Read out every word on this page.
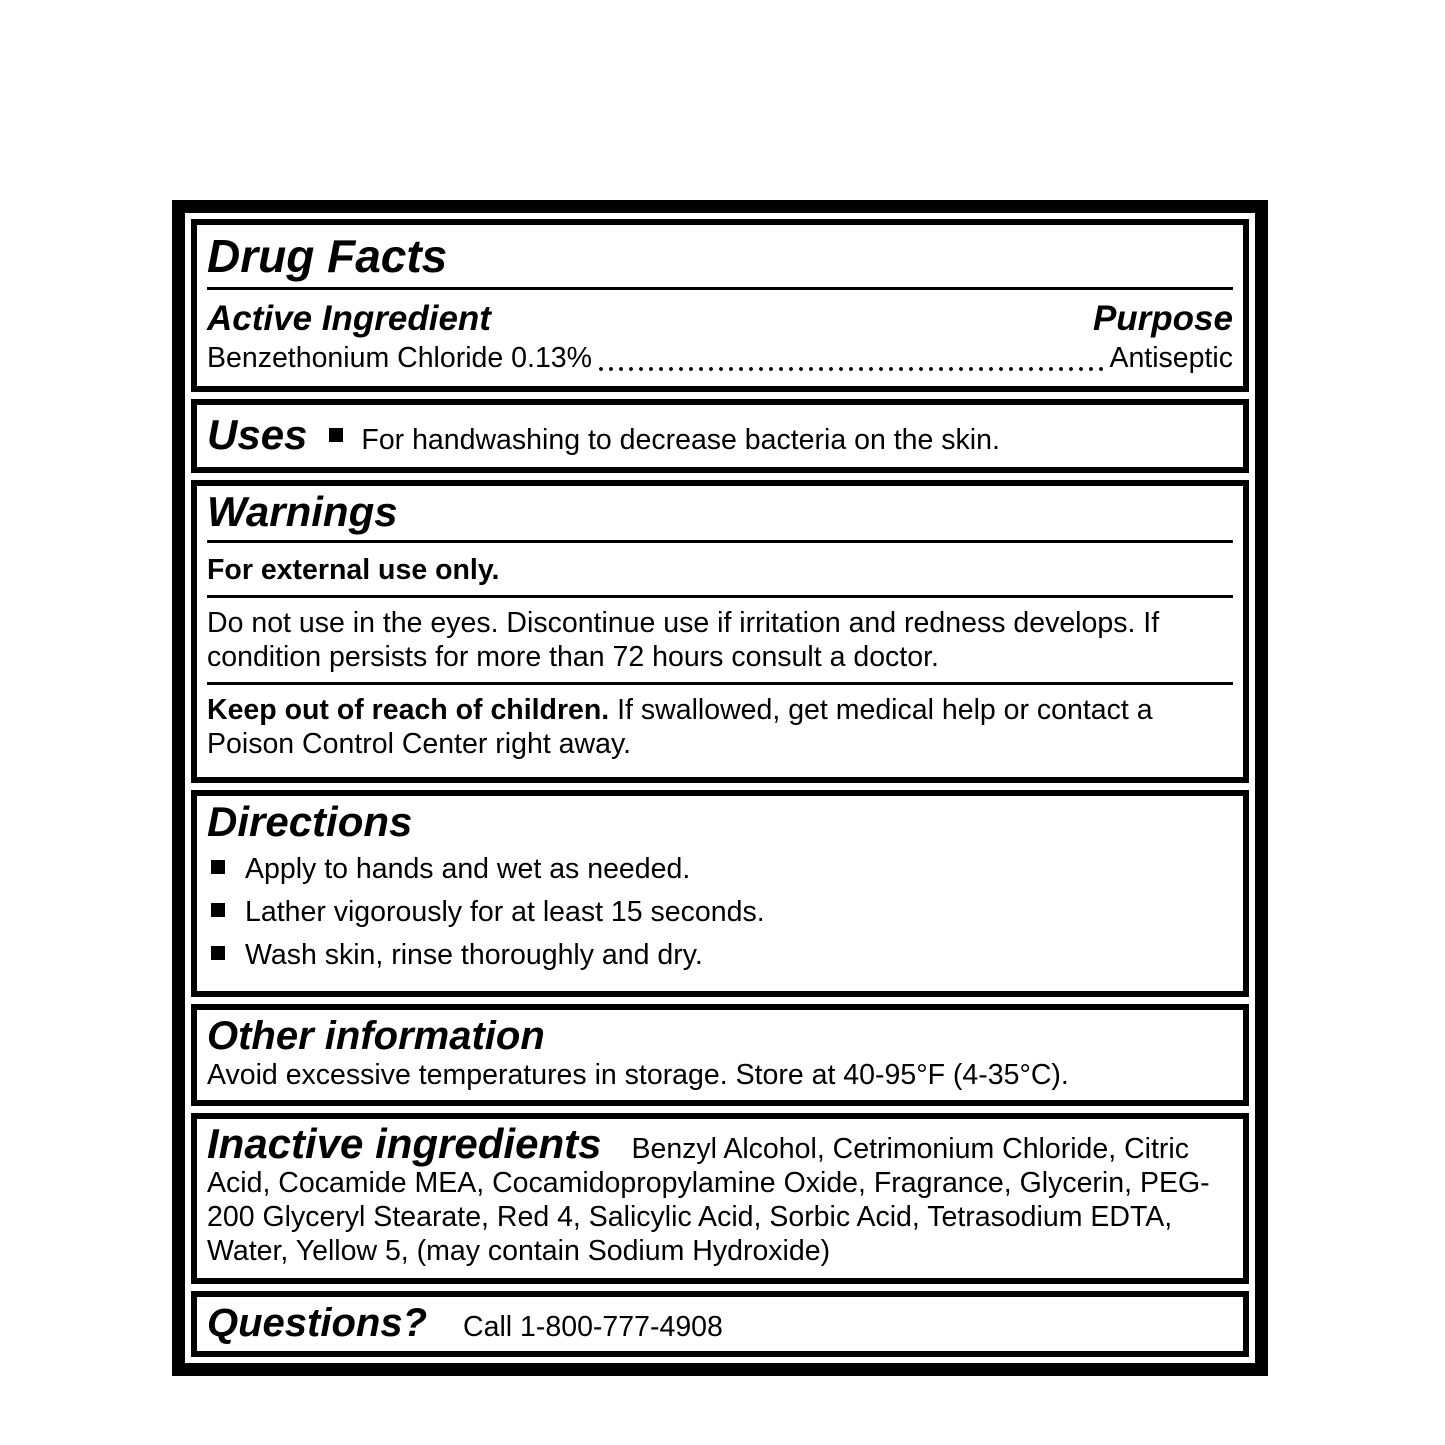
Drug Facts
Active Ingredient	Purpose
Benzethonium Chloride 0.13%	Antiseptic
Uses For handwashing to decrease bacteria on the skin.
Warnings
For external use only.
Do not use in the eyes. Discontinue use if irritation and redness develops. If condition persists for more than 72 hours consult a doctor.
Keep out of reach of children. If swallowed, get medical help or contact a Poison Control Center right away.
Directions
Apply to hands and wet as needed.
Lather vigorously for at least 15 seconds.
Wash skin, rinse thoroughly and dry.
Other information
Avoid excessive temperatures in storage. Store at 40-95°F (4-35°C).
Inactive ingredients Benzyl Alcohol, Cetrimonium Chloride, Citric Acid, Cocamide MEA, Cocamidopropylamine Oxide, Fragrance, Glycerin, PEG-200 Glyceryl Stearate, Red 4, Salicylic Acid, Sorbic Acid, Tetrasodium EDTA, Water, Yellow 5, (may contain Sodium Hydroxide)
Questions? Call 1-800-777-4908
